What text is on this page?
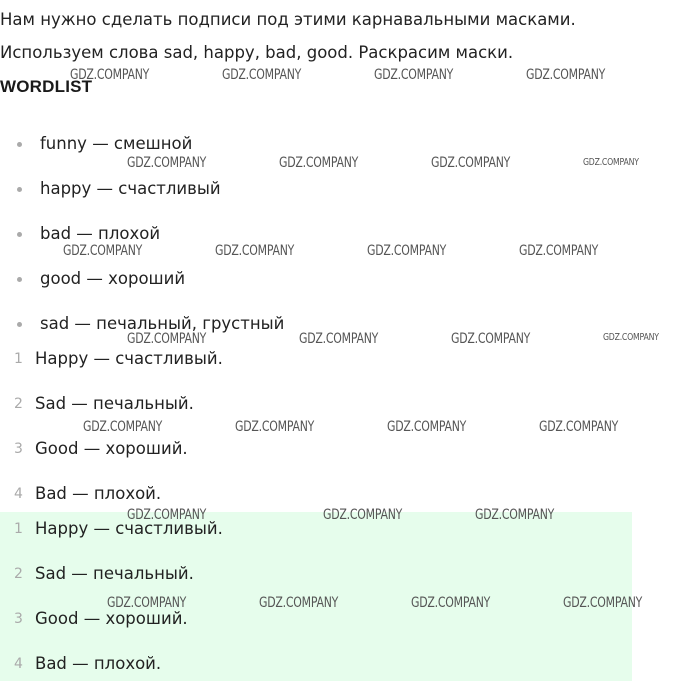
Нам нужно сделать подписи под этими карнавальными масками. Используем слова sad, happy, bad, good. Раскрасим маски.

WORDLIST
funny — смешной
happy — счастливый
bad — плохой
good — хороший
sad — печальный, грустный
1 Happy — счастливый.
2 Sad — печальный.
3 Good — хороший.
4 Bad — плохой.
1 Happy — счастливый.
2 Sad — печальный.
3 Good — хороший.
4 Bad — плохой.
GDZ.COMPANY	GDZ.COMPANY	GDZ.COMPANY	GDZ.COMPANY
GDZ.COMPANY	GDZ.COMPANY	GDZ.COMPANY	GDZ.COMPANY
GDZ.COMPANY	GDZ.COMPANY	GDZ.COMPANY	GDZ.COMPANY
GDZ.COMPANY	GDZ.COMPANY	GDZ.COMPANY	GDZ.COMPANY
GDZ.COMPANY	GDZ.COMPANY	GDZ.COMPANY	GDZ.COMPANY
GDZ.COMPANY	GDZ.COMPANY	GDZ.COMPANY
GDZ.COMPANY	GDZ.COMPANY	GDZ.COMPANY	GDZ.COMPANY
